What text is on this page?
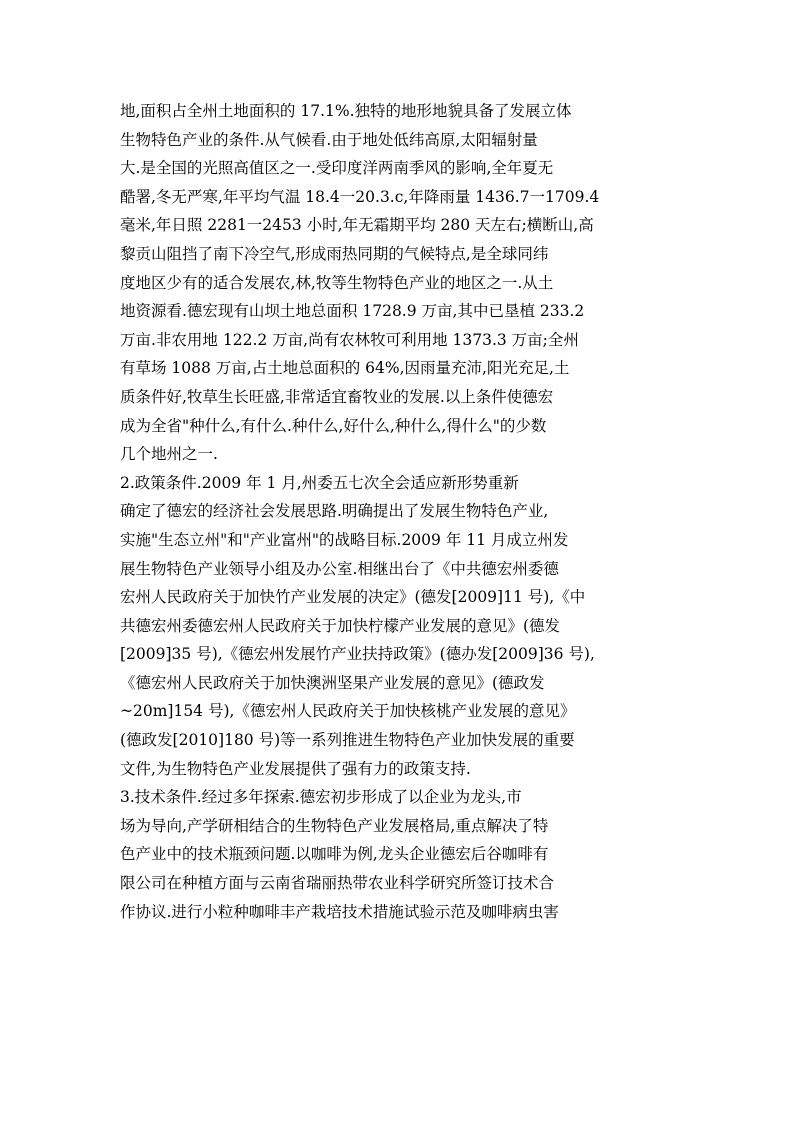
地,面积占全州土地面积的 17.1%.独特的地形地貌具备了发展立体
生物特色产业的条件.从气候看.由于地处低纬高原,太阳辐射量
大.是全国的光照高值区之一.受印度洋两南季风的影响,全年夏无
酷署,冬无严寒,年平均气温 18.4一20.3.c,年降雨量 1436.7一1709.4
毫米,年日照 2281一2453 小时,年无霜期平均 280 天左右;横断山,高
黎贡山阻挡了南下冷空气,形成雨热同期的气候特点,是全球同纬
度地区少有的适合发展农,林,牧等生物特色产业的地区之一.从土
地资源看.德宏现有山坝土地总面积 1728.9 万亩,其中已垦植 233.2
万亩.非农用地 122.2 万亩,尚有农林牧可利用地 1373.3 万亩;全州
有草场 1088 万亩,占土地总面积的 64%,因雨量充沛,阳光充足,土
质条件好,牧草生长旺盛,非常适宜畜牧业的发展.以上条件使德宏
成为全省"种什么,有什么.种什么,好什么,种什么,得什么"的少数
几个地州之一.
2.政策条件.2009 年 1 月,州委五七次全会适应新形势重新
确定了德宏的经济社会发展思路.明确提出了发展生物特色产业,
实施"生态立州"和"产业富州"的战略目标.2009 年 11 月成立州发
展生物特色产业领导小组及办公室.相继出台了《中共德宏州委德
宏州人民政府关于加快竹产业发展的决定》(德发[2009]11 号),《中
共德宏州委德宏州人民政府关于加快柠檬产业发展的意见》(德发
[2009]35 号),《德宏州发展竹产业扶持政策》(德办发[2009]36 号),
《德宏州人民政府关于加快澳洲坚果产业发展的意见》(德政发
~20m]154 号),《德宏州人民政府关于加快核桃产业发展的意见》
(德政发[2010]180 号)等一系列推进生物特色产业加快发展的重要
文件,为生物特色产业发展提供了强有力的政策支持.
3.技术条件.经过多年探索.德宏初步形成了以企业为龙头,市
场为导向,产学研相结合的生物特色产业发展格局,重点解决了特
色产业中的技术瓶颈问题.以咖啡为例,龙头企业德宏后谷咖啡有
限公司在种植方面与云南省瑞丽热带农业科学研究所签订技术合
作协议.进行小粒种咖啡丰产栽培技术措施试验示范及咖啡病虫害
